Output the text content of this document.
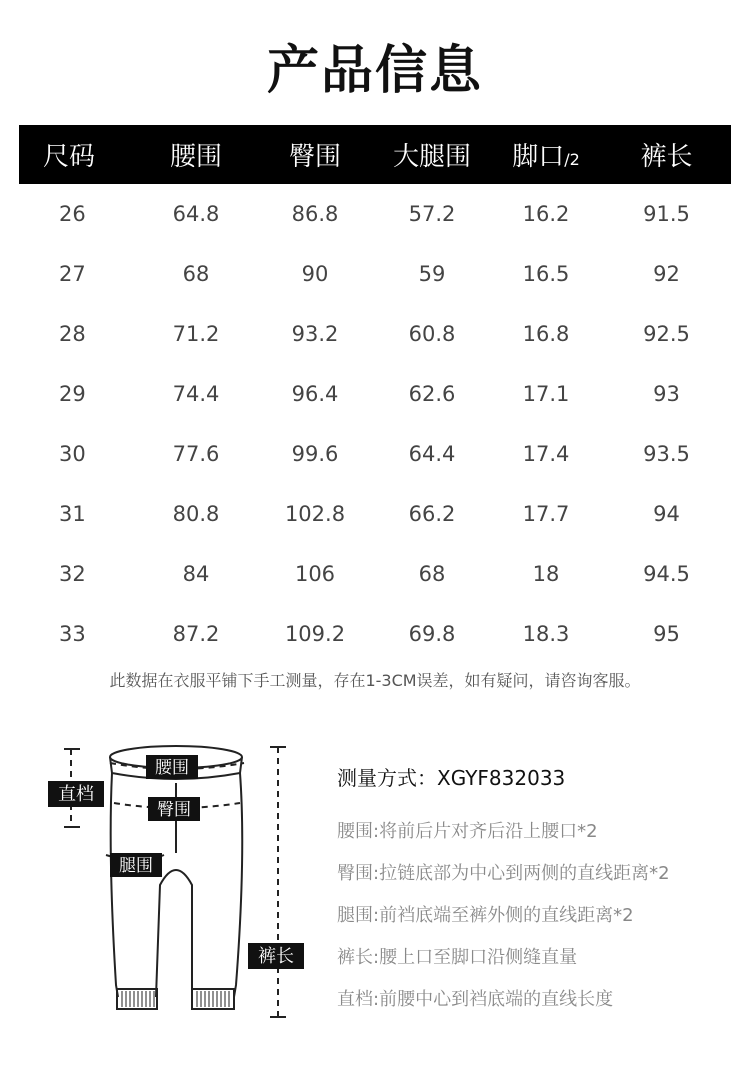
产品信息
尺码	腰围	臀围	大腿围	脚口/2	裤长
26	64.8	86.8	57.2	16.2	91.5
27	68	90	59	16.5	92
28	71.2	93.2	60.8	16.8	92.5
29	74.4	96.4	62.6	17.1	93
30	77.6	99.6	64.4	17.4	93.5
31	80.8	102.8	66.2	17.7	94
32	84	106	68	18	94.5
33	87.2	109.2	69.8	18.3	95
此数据在衣服平铺下手工测量，存在1-3CM误差，如有疑问，请咨询客服。
腰围
臀围
腿围
直档
裤长
测量方式：XGYF832033
腰围:将前后片对齐后沿上腰口*2
臀围:拉链底部为中心到两侧的直线距离*2
腿围:前裆底端至裤外侧的直线距离*2
裤长:腰上口至脚口沿侧缝直量
直档:前腰中心到裆底端的直线长度
